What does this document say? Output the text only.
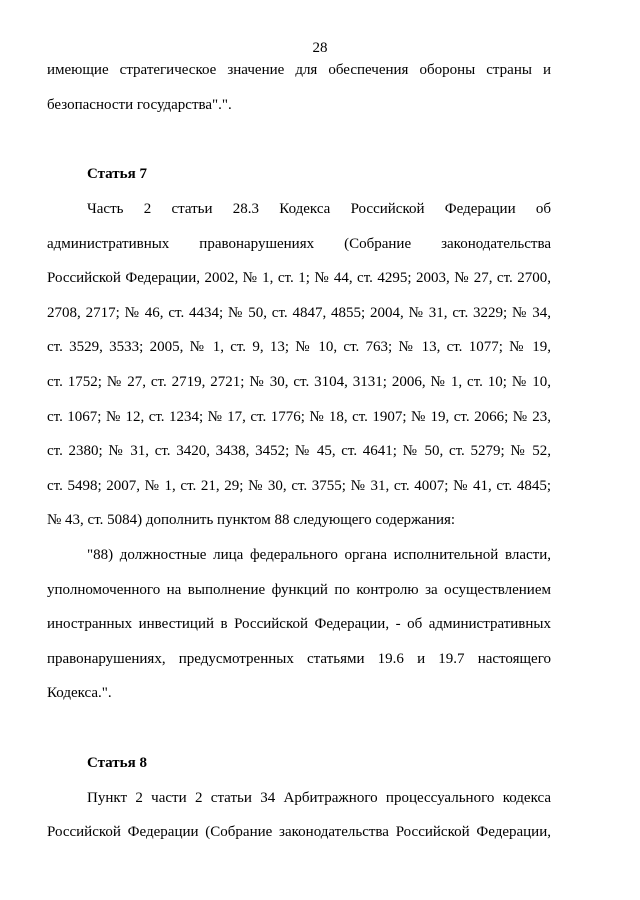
28
имеющие стратегическое значение для обеспечения обороны страны и
безопасности государства".".
Статья 7
Часть 2 статьи 28.3 Кодекса Российской Федерации об
административных правонарушениях (Собрание законодательства
Российской Федерации, 2002, № 1, ст. 1; № 44, ст. 4295; 2003, № 27, ст. 2700,
2708, 2717; № 46, ст. 4434; № 50, ст. 4847, 4855; 2004, № 31, ст. 3229; № 34,
ст. 3529, 3533; 2005, № 1, ст. 9, 13; № 10, ст. 763; № 13, ст. 1077; № 19,
ст. 1752; № 27, ст. 2719, 2721; № 30, ст. 3104, 3131; 2006, № 1, ст. 10; № 10,
ст. 1067; № 12, ст. 1234; № 17, ст. 1776; № 18, ст. 1907; № 19, ст. 2066; № 23,
ст. 2380; № 31, ст. 3420, 3438, 3452; № 45, ст. 4641; № 50, ст. 5279; № 52,
ст. 5498; 2007, № 1, ст. 21, 29; № 30, ст. 3755; № 31, ст. 4007; № 41, ст. 4845;
№ 43, ст. 5084) дополнить пунктом 88 следующего содержания:
"88) должностные лица федерального органа исполнительной власти,
уполномоченного на выполнение функций по контролю за осуществлением
иностранных инвестиций в Российской Федерации, - об административных
правонарушениях, предусмотренных статьями 19.6 и 19.7 настоящего
Кодекса.".
Статья 8
Пункт 2 части 2 статьи 34 Арбитражного процессуального кодекса
Российской Федерации (Собрание законодательства Российской Федерации,
